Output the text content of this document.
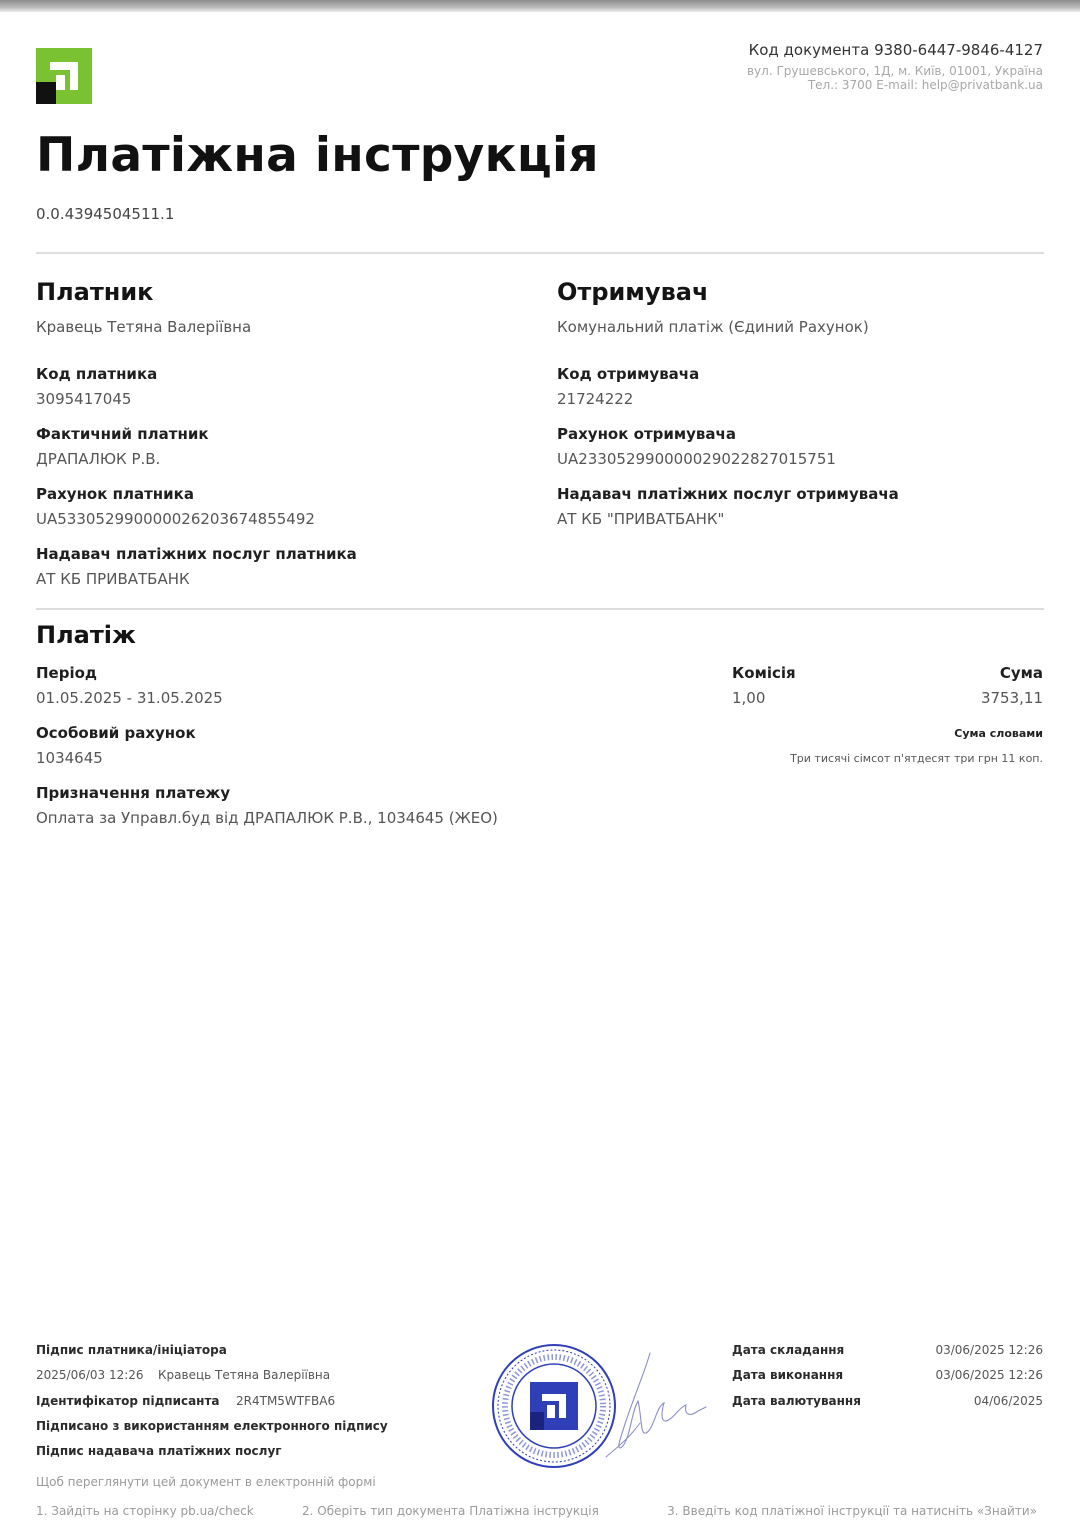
Код документа 9380-6447-9846-4127
вул. Грушевського, 1Д, м. Київ, 01001, Україна
Тел.: 3700 E-mail: help@privatbank.ua
Платіжна інструкція
0.0.4394504511.1
Платник
Кравець Тетяна Валеріївна
Код платника
3095417045
Фактичний платник
ДРАПАЛЮК Р.В.
Рахунок платника
UA533052990000026203674855492
Надавач платіжних послуг платника
АТ КБ ПРИВАТБАНК
Отримувач
Комунальний платіж (Єдиний Рахунок)
Код отримувача
21724222
Рахунок отримувача
UA233052990000029022827015751
Надавач платіжних послуг отримувача
АТ КБ "ПРИВАТБАНК"
Платіж
Період
01.05.2025 - 31.05.2025
Особовий рахунок
1034645
Призначення платежу
Оплата за Управл.буд від ДРАПАЛЮК Р.В., 1034645 (ЖЕО)
Комісія
1,00
Сума
3753,11
Сума словами
Три тисячі сімсот п'ятдесят три грн 11 коп.
Підпис платника/ініціатора
2025/06/03 12:26 Кравець Тетяна Валеріївна
Ідентифікатор підписанта 2R4TM5WTFBA6
Підписано з використанням електронного підпису
Підпис надавача платіжних послуг
Щоб переглянути цей документ в електронній формі
1. Зайдіть на сторінку pb.ua/check	2. Оберіть тип документа Платіжна інструкція	3. Введіть код платіжної інструкції та натисніть «Знайти»
Дата складання	03/06/2025 12:26
Дата виконання	03/06/2025 12:26
Дата валютування	04/06/2025
